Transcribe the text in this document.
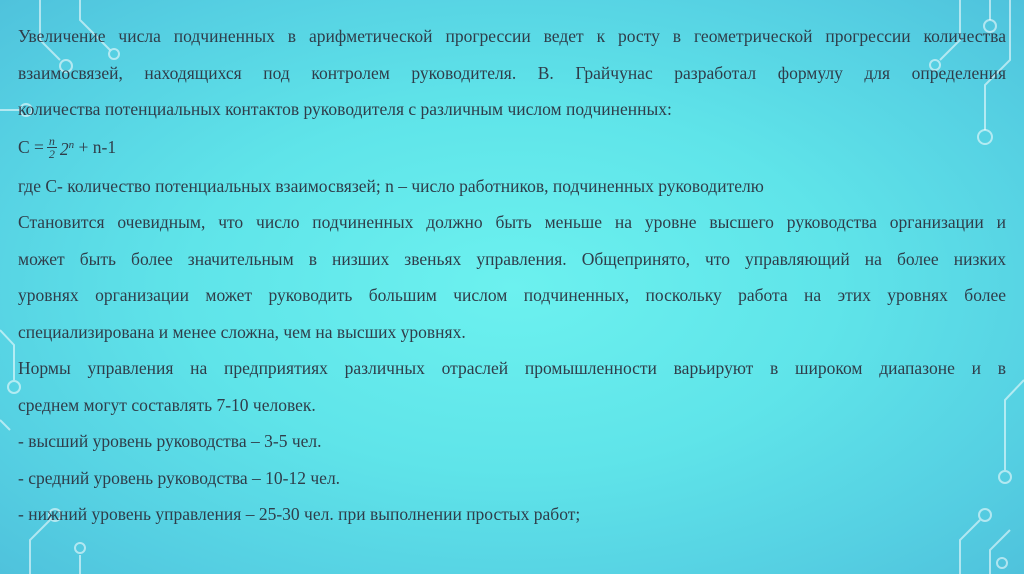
Увеличение числа подчиненных в арифметической прогрессии ведет к росту в геометрической прогрессии количества

взаимосвязей, находящихся под контролем руководителя. В. Грайчунас разработал формулу для определения

количества потенциальных контактов руководителя с различным числом подчиненных:

$C = \frac{n}{2} 2^n + n-1$

где С- количество потенциальных взаимосвязей; n – число работников, подчиненных руководителю

Становится очевидным, что число подчиненных должно быть меньше на уровне высшего руководства организации и

может быть более значительным в низших звеньях управления. Общепринято, что управляющий на более низких

уровнях организации может руководить большим числом подчиненных, поскольку работа на этих уровнях более

специализирована и менее сложна, чем на высших уровнях.

Нормы управления на предприятиях различных отраслей промышленности варьируют в широком диапазоне и в

среднем могут составлять 7-10 человек.

- высший уровень руководства – 3-5 чел.

- средний уровень руководства – 10-12 чел.

- нижний уровень управления – 25-30 чел. при выполнении простых работ;
